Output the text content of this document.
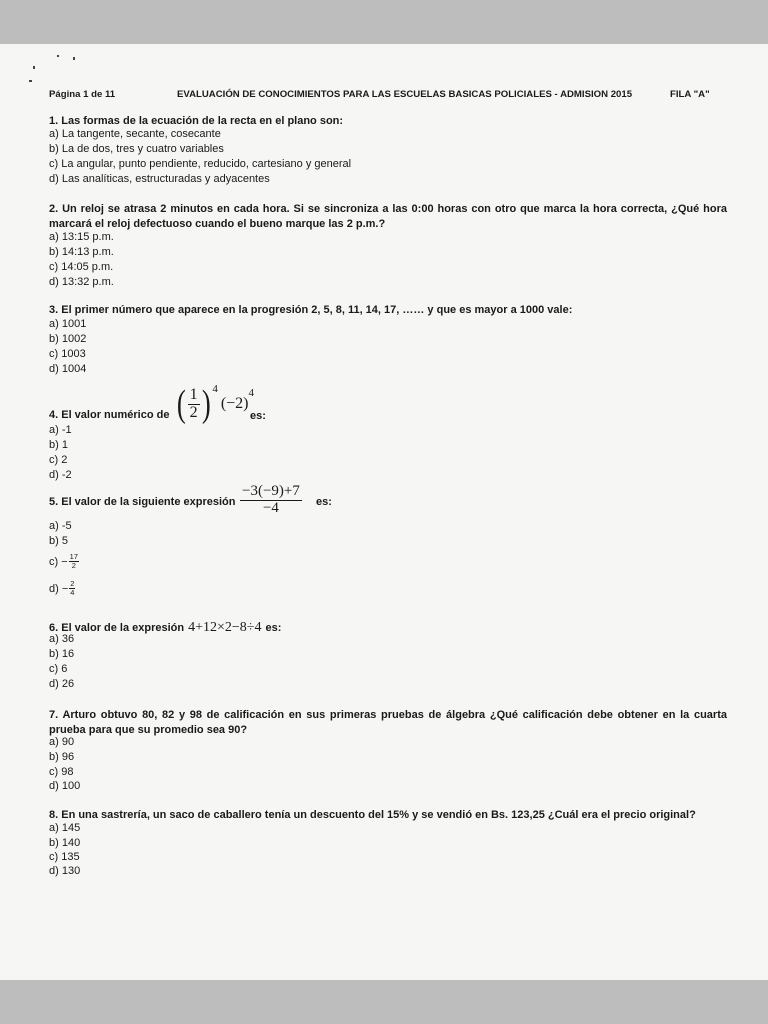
Página 1 de 11	EVALUACIÓN DE CONOCIMIENTOS PARA LAS ESCUELAS BASICAS POLICIALES - ADMISION 2015	FILA "A"
1. Las formas de la ecuación de la recta en el plano son:
a) La tangente, secante, cosecante
b) La de dos, tres y cuatro variables
c) La angular, punto pendiente, reducido, cartesiano y general
d) Las analíticas, estructuradas y adyacentes
2. Un reloj se atrasa 2 minutos en cada hora. Si se sincroniza a las 0:00 horas con otro que marca la hora correcta, ¿Qué hora marcará el reloj defectuoso cuando el bueno marque las 2 p.m.?
a) 13:15 p.m.
b) 14:13 p.m.
c) 14:05 p.m.
d) 13:32 p.m.
3. El primer número que aparece en la progresión 2, 5, 8, 11, 14, 17, …… y que es mayor a 1000 vale:
a) 1001
b) 1002
c) 1003
d) 1004
4. El valor numérico de ( $\frac{1}{2}$ ) 4
(−2)
4
es:
a) -1
b) 1
c) 2
d) -2
5. El valor de la siguiente expresión $\frac{-3(-9)+7}{-4}$ es:
a) -5
b) 5
$c) - \frac{17}{2}$
$d) - \frac{2}{4}$
6. El valor de la expresión 4+12×2−8÷4 es:
a) 36
b) 16
c) 6
d) 26
7. Arturo obtuvo 80, 82 y 98 de calificación en sus primeras pruebas de álgebra ¿Qué calificación debe obtener en la cuarta prueba para que su promedio sea 90?
a) 90
b) 96
c) 98
d) 100
8. En una sastrería, un saco de caballero tenía un descuento del 15% y se vendió en Bs. 123,25 ¿Cuál era el precio original?
a) 145
b) 140
c) 135
d) 130
